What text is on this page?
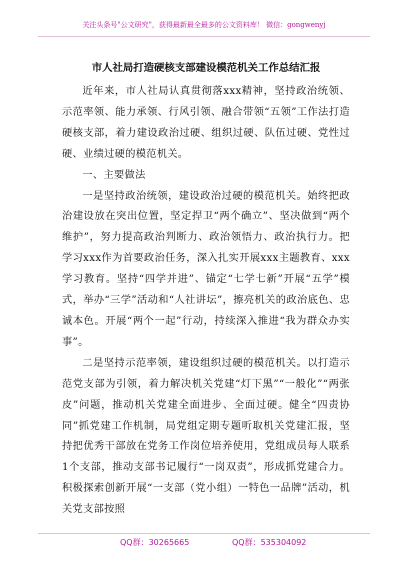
关注头条号"公文研究"，获得最新最全最多的公文资料库！ 微信：gongwenyj
市人社局打造硬核支部建设模范机关工作总结汇报

近年来，市人社局认真贯彻落xxx精神，坚持政治统领、示范率领、能力承领、行风引领、融合带领“五领”工作法打造硬核支部，着力建设政治过硬、组织过硬、队伍过硬、党性过硬、业绩过硬的模范机关。

一、主要做法

一是坚持政治统领，建设政治过硬的模范机关。始终把政治建设放在突出位置，坚定捍卫“两个确立”、坚决做到“两个维护”，努力提高政治判断力、政治领悟力、政治执行力。把学习xxx作为首要政治任务，深入扎实开展xxx主题教育、xxx学习教育。坚持“四学并进”、锚定“七学七新”开展“五学”模式，举办“三学”活动和“人社讲坛”，擦亮机关的政治底色、忠诚本色。开展“两个一起”行动，持续深入推进“我为群众办实事”。

二是坚持示范率领，建设组织过硬的模范机关。以打造示范党支部为引领，着力解决机关党建“灯下黑”“一般化”“两张皮”问题，推动机关党建全面进步、全面过硬。健全“四责协同”抓党建工作机制，局党组定期专题听取机关党建汇报，坚持把优秀干部放在党务工作岗位培养使用，党组成员每人联系1个支部，推动支部书记履行“一岗双责”，形成抓党建合力。积极探索创新开展“一支部（党小组）一特色一品牌”活动，机关党支部按照

QQ群：30265665	QQ群：535304092
